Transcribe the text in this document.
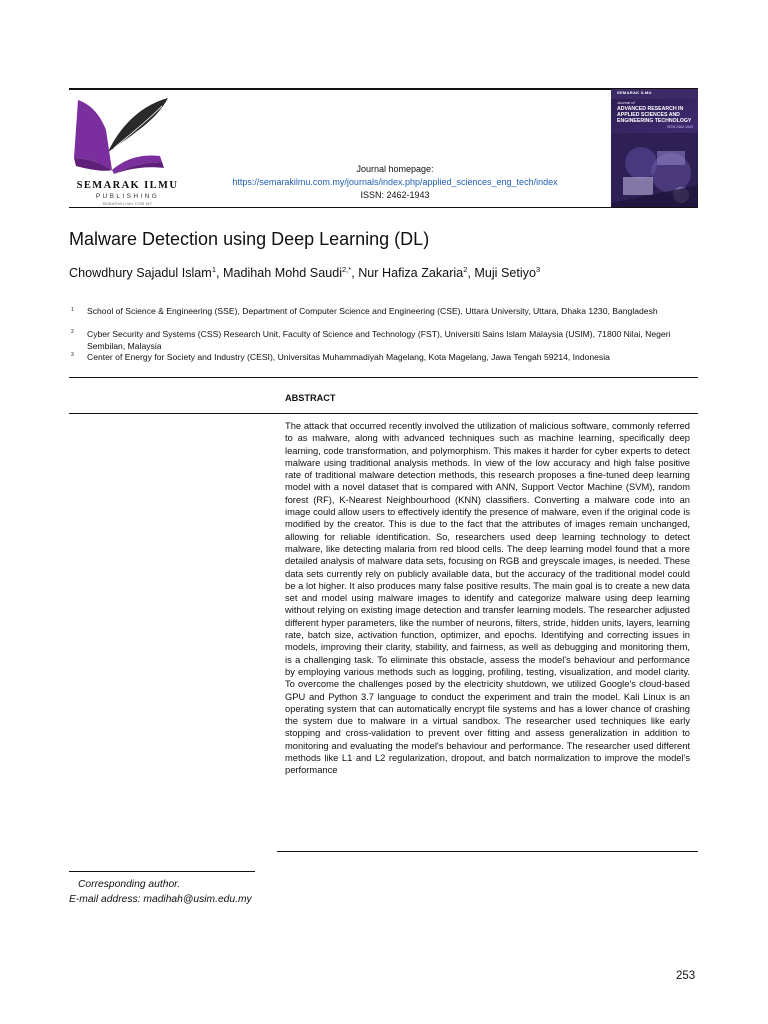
SEMARAK ILMU
PUBLISHING
SEMARAKILMU.COM.MY
Journal homepage:
https://semarakilmu.com.my/journals/index.php/applied_sciences_eng_tech/index
ISSN: 2462-1943
SEMARAK ILMU
Journal of
ADVANCED RESEARCH IN
APPLIED SCIENCES AND
ENGINEERING TECHNOLOGY
ISSN 2462-1943
Malware Detection using Deep Learning (DL)
Chowdhury Sajadul Islam$^1$, Madihah Mohd Saudi$^{2,*}$, Nur Hafiza Zakaria$^2$, Muji Setiyo$^3$
1 School of Science & Engineering (SSE), Department of Computer Science and Engineering (CSE), Uttara University, Uttara, Dhaka 1230, Bangladesh
2 Cyber Security and Systems (CSS) Research Unit, Faculty of Science and Technology (FST), Universiti Sains Islam Malaysia (USIM), 71800 Nilai, Negeri Sembilan, Malaysia
3 Center of Energy for Society and Industry (CESI), Universitas Muhammadiyah Magelang, Kota Magelang, Jawa Tengah 59214, Indonesia
ABSTRACT
The attack that occurred recently involved the utilization of malicious software, commonly referred to as malware, along with advanced techniques such as machine learning, specifically deep learning, code transformation, and polymorphism. This makes it harder for cyber experts to detect malware using traditional analysis methods. In view of the low accuracy and high false positive rate of traditional malware detection methods, this research proposes a fine-tuned deep learning model with a novel dataset that is compared with ANN, Support Vector Machine (SVM), random forest (RF), K-Nearest Neighbourhood (KNN) classifiers. Converting a malware code into an image could allow users to effectively identify the presence of malware, even if the original code is modified by the creator. This is due to the fact that the attributes of images remain unchanged, allowing for reliable identification. So, researchers used deep learning technology to detect malware, like detecting malaria from red blood cells. The deep learning model found that a more detailed analysis of malware data sets, focusing on RGB and greyscale images, is needed. These data sets currently rely on publicly available data, but the accuracy of the traditional model could be a lot higher. It also produces many false positive results. The main goal is to create a new data set and model using malware images to identify and categorize malware using deep learning without relying on existing image detection and transfer learning models. The researcher adjusted different hyper parameters, like the number of neurons, filters, stride, hidden units, layers, learning rate, batch size, activation function, optimizer, and epochs. Identifying and correcting issues in models, improving their clarity, stability, and fairness, as well as debugging and monitoring them, is a challenging task. To eliminate this obstacle, assess the model's behaviour and performance by employing various methods such as logging, profiling, testing, visualization, and model clarity. To overcome the challenges posed by the electricity shutdown, we utilized Google's cloud-based GPU and Python 3.7 language to conduct the experiment and train the model. Kali Linux is an operating system that can automatically encrypt file systems and has a lower chance of crashing the system due to malware in a virtual sandbox. The researcher used techniques like early stopping and cross-validation to prevent over fitting and assess generalization in addition to monitoring and evaluating the model's behaviour and performance. The researcher used different methods like L1 and L2 regularization, dropout, and batch normalization to improve the model's performance
Corresponding author.
E-mail address: madihah@usim.edu.my
253
